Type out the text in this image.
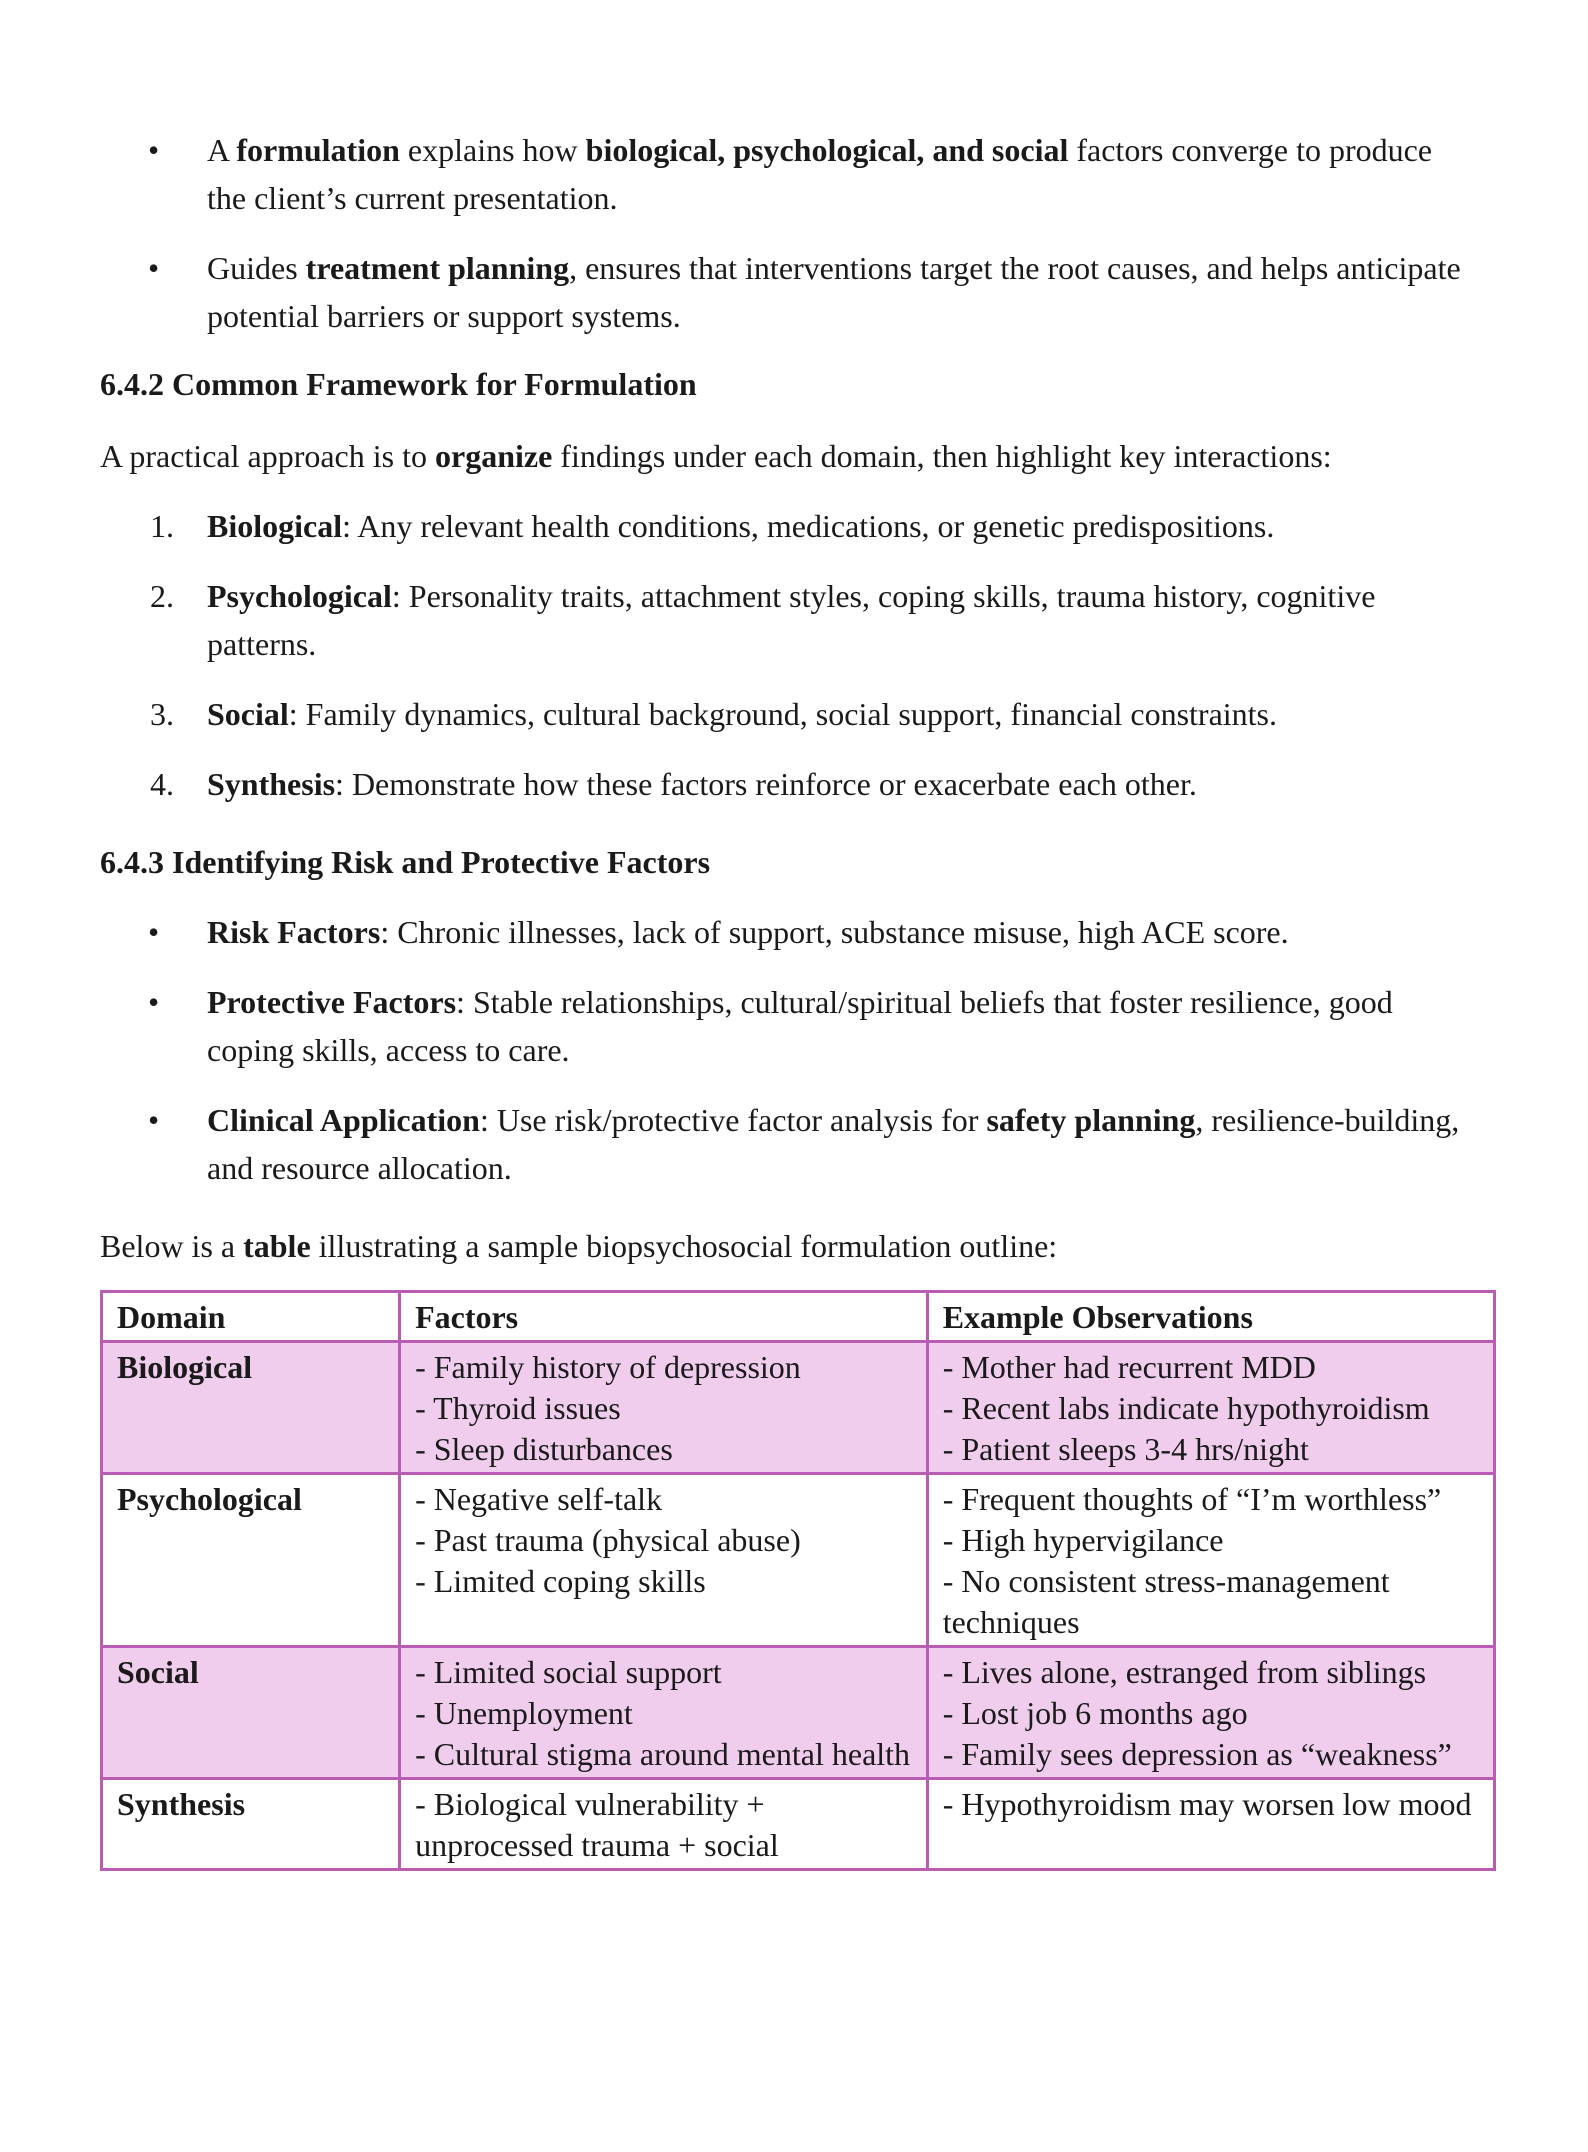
• A formulation explains how biological, psychological, and social factors converge to produce the client’s current presentation.
• Guides treatment planning, ensures that interventions target the root causes, and helps anticipate potential barriers or support systems.
6.4.2 Common Framework for Formulation

A practical approach is to organize findings under each domain, then highlight key interactions:

1. Biological: Any relevant health conditions, medications, or genetic predispositions.
2. Psychological: Personality traits, attachment styles, coping skills, trauma history, cognitive patterns.
3. Social: Family dynamics, cultural background, social support, financial constraints.
4. Synthesis: Demonstrate how these factors reinforce or exacerbate each other.
6.4.3 Identifying Risk and Protective Factors
• Risk Factors: Chronic illnesses, lack of support, substance misuse, high ACE score.
• Protective Factors: Stable relationships, cultural/spiritual beliefs that foster resilience, good coping skills, access to care.
• Clinical Application: Use risk/protective factor analysis for safety planning, resilience-building, and resource allocation.

Below is a table illustrating a sample biopsychosocial formulation outline:

Domain	Factors	Example Observations
Biological	- Family history of depression
- Thyroid issues
- Sleep disturbances	- Mother had recurrent MDD
- Recent labs indicate hypothyroidism
- Patient sleeps 3-4 hrs/night

Psychological	- Negative self-talk
- Past trauma (physical abuse)
- Limited coping skills	- Frequent thoughts of “I’m worthless”
- High hypervigilance
- No consistent stress-management techniques

Social	- Limited social support
- Unemployment
- Cultural stigma around mental health	- Lives alone, estranged from siblings
- Lost job 6 months ago
- Family sees depression as “weakness”

Synthesis	- Biological vulnerability + unprocessed trauma + social	- Hypothyroidism may worsen low mood
